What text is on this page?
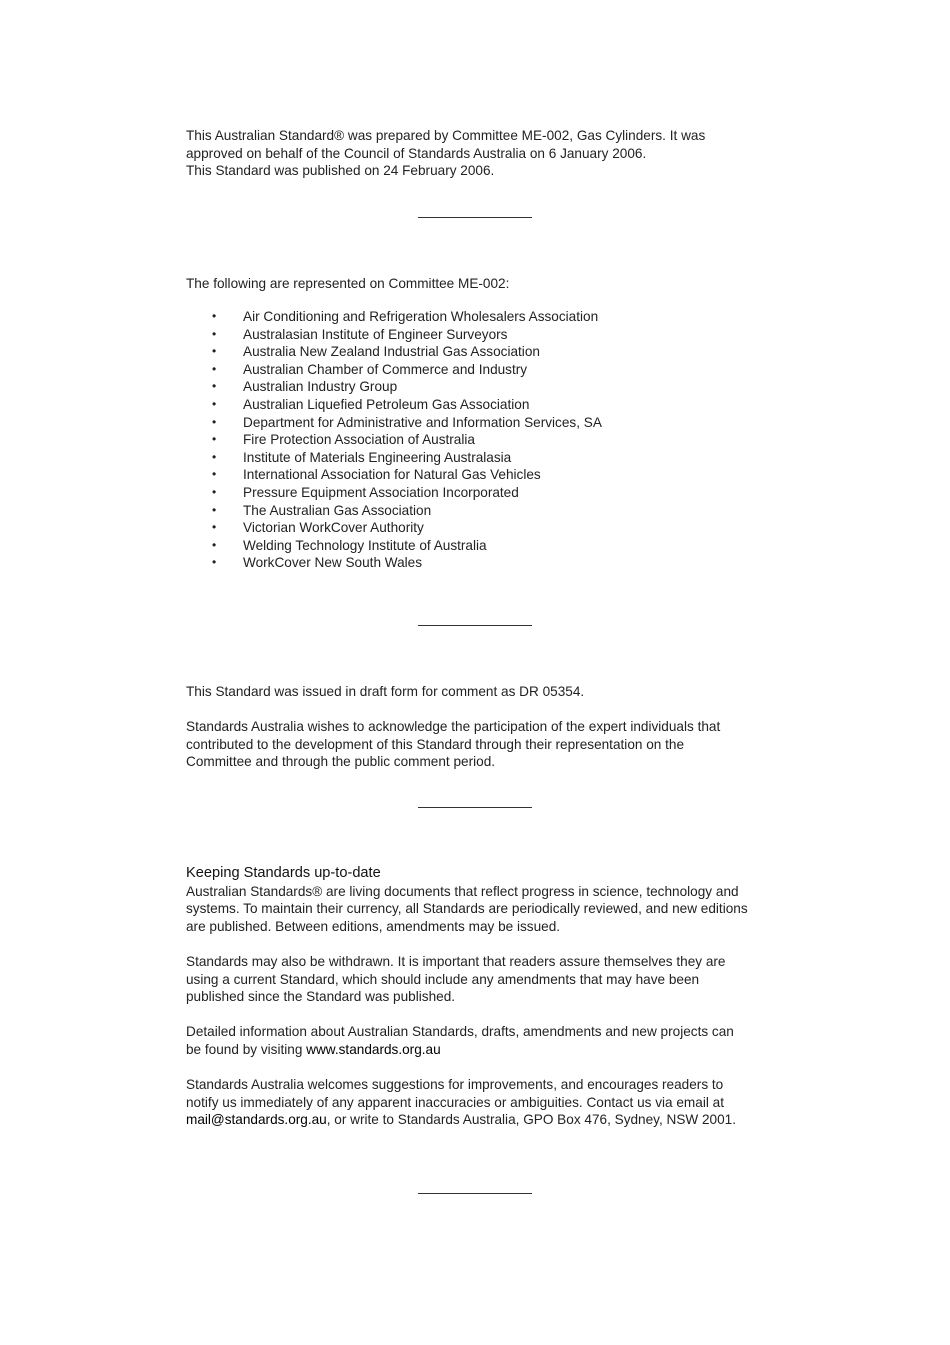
This Australian Standard® was prepared by Committee ME-002, Gas Cylinders. It was

approved on behalf of the Council of Standards Australia on 6 January 2006.

This Standard was published on 24 February 2006.

The following are represented on Committee ME-002:

• Air Conditioning and Refrigeration Wholesalers Association
• Australasian Institute of Engineer Surveyors
• Australia New Zealand Industrial Gas Association
• Australian Chamber of Commerce and Industry
• Australian Industry Group
• Australian Liquefied Petroleum Gas Association
• Department for Administrative and Information Services, SA
• Fire Protection Association of Australia
• Institute of Materials Engineering Australasia
• International Association for Natural Gas Vehicles
• Pressure Equipment Association Incorporated
• The Australian Gas Association
• Victorian WorkCover Authority
• Welding Technology Institute of Australia
• WorkCover New South Wales

This Standard was issued in draft form for comment as DR 05354.

Standards Australia wishes to acknowledge the participation of the expert individuals that

contributed to the development of this Standard through their representation on the

Committee and through the public comment period.

Keeping Standards up-to-date

Australian Standards® are living documents that reflect progress in science, technology and

systems. To maintain their currency, all Standards are periodically reviewed, and new editions

are published. Between editions, amendments may be issued.

Standards may also be withdrawn. It is important that readers assure themselves they are

using a current Standard, which should include any amendments that may have been

published since the Standard was published.

Detailed information about Australian Standards, drafts, amendments and new projects can

be found by visiting www.standards.org.au

Standards Australia welcomes suggestions for improvements, and encourages readers to

notify us immediately of any apparent inaccuracies or ambiguities. Contact us via email at

mail@standards.org.au, or write to Standards Australia, GPO Box 476, Sydney, NSW 2001.
